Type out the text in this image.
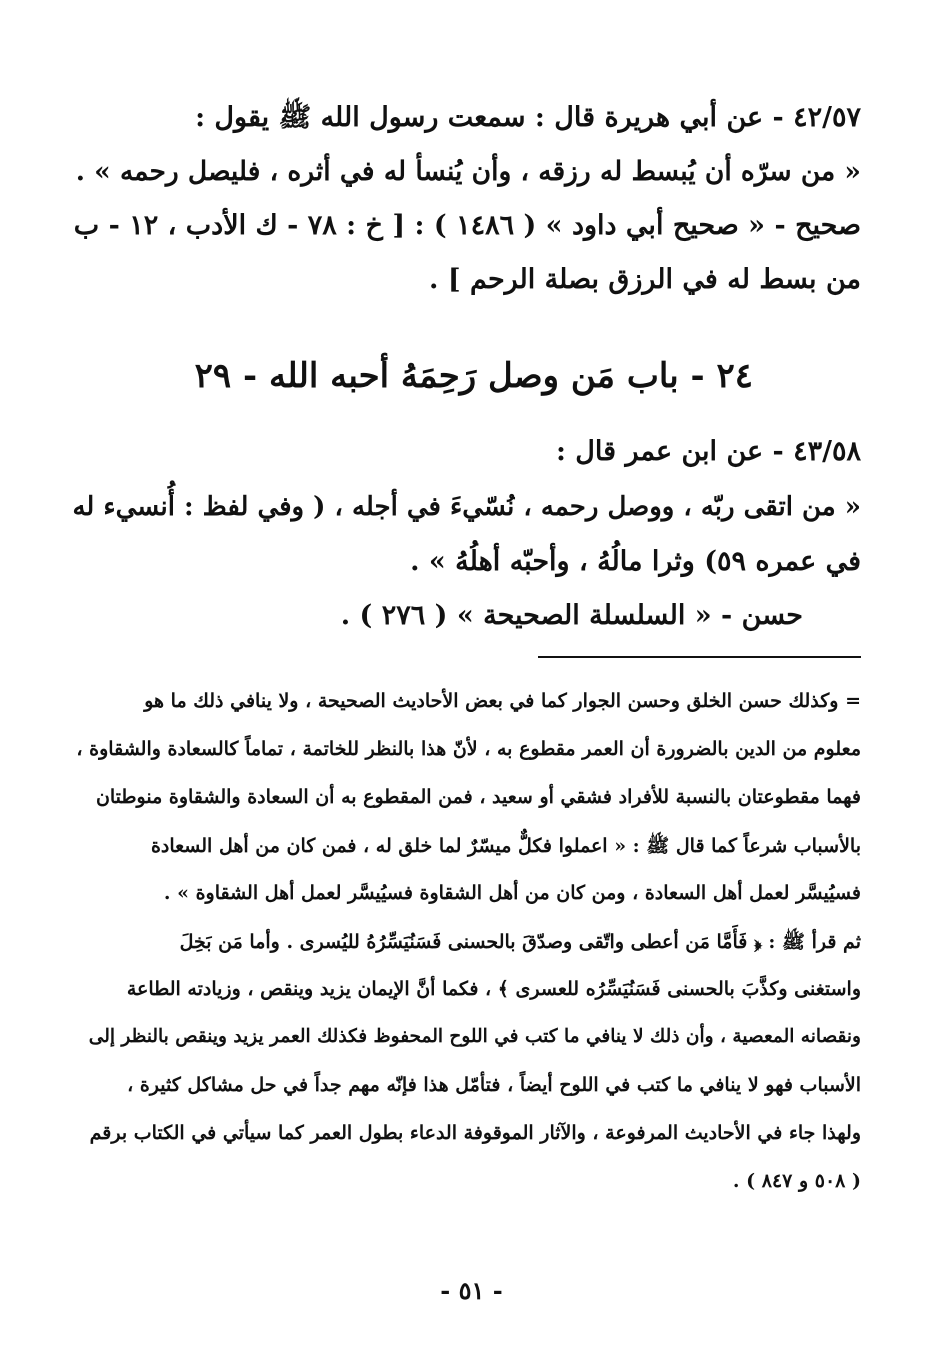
٤٢/٥٧ - عن أبي هريرة قال : سمعت رسول الله ﷺ يقول :
« من سرّه أن يُبسط له رزقه ، وأن يُنسأ له في أثره ، فليصل رحمه » .
صحيح - « صحيح أبي داود » ( ١٤٨٦ ) : [ خ : ٧٨ - ك الأدب ، ١٢ - ب
من بسط له في الرزق بصلة الرحم ] .
٢٤ - باب مَن وصل رَحِمَهُ أحبه الله - ٢٩
٤٣/٥٨ - عن ابن عمر قال :
« من اتقى ربّه ، ووصل رحمه ، نُسّيءَ في أجله ، ( وفي لفظ : أُنسيء له
في عمره ٥٩) وثرا مالُهُ ، وأحبّه أهلُهُ » .
حسن - « السلسلة الصحيحة » ( ٢٧٦ ) .
= وكذلك حسن الخلق وحسن الجوار كما في بعض الأحاديث الصحيحة ، ولا ينافي ذلك ما هو
معلوم من الدين بالضرورة أن العمر مقطوع به ، لأنّ هذا بالنظر للخاتمة ، تماماً كالسعادة والشقاوة ،
فهما مقطوعتان بالنسبة للأفراد فشقي أو سعيد ، فمن المقطوع به أن السعادة والشقاوة منوطتان
بالأسباب شرعاً كما قال ﷺ : « اعملوا فكلٌّ ميسّرٌ لما خلق له ، فمن كان من أهل السعادة
فسيُيسَّر لعمل أهل السعادة ، ومن كان من أهل الشقاوة فسيُيسَّر لعمل أهل الشقاوة » .
ثم قرأ ﷺ : ﴿ فَأَمَّا مَن أعطى واتّقى وصدّقَ بالحسنى فَسَنُيَسِّرُهُ لليُسرى . وأما مَن بَخِلَ
واستغنى وكذَّبَ بالحسنى فَسَنُيَسِّرُه للعسرى ﴾ ، فكما أنَّ الإيمان يزيد وينقص ، وزيادته الطاعة
ونقصانه المعصية ، وأن ذلك لا ينافي ما كتب في اللوح المحفوظ فكذلك العمر يزيد وينقص بالنظر إلى
الأسباب فهو لا ينافي ما كتب في اللوح أيضاً ، فتأمّل هذا فإنّه مهم جداً في حل مشاكل كثيرة ،
ولهذا جاء في الأحاديث المرفوعة ، والآثار الموقوفة الدعاء بطول العمر كما سيأتي في الكتاب برقم
( ٥٠٨ و ٨٤٧ ) .
- ٥١ -
